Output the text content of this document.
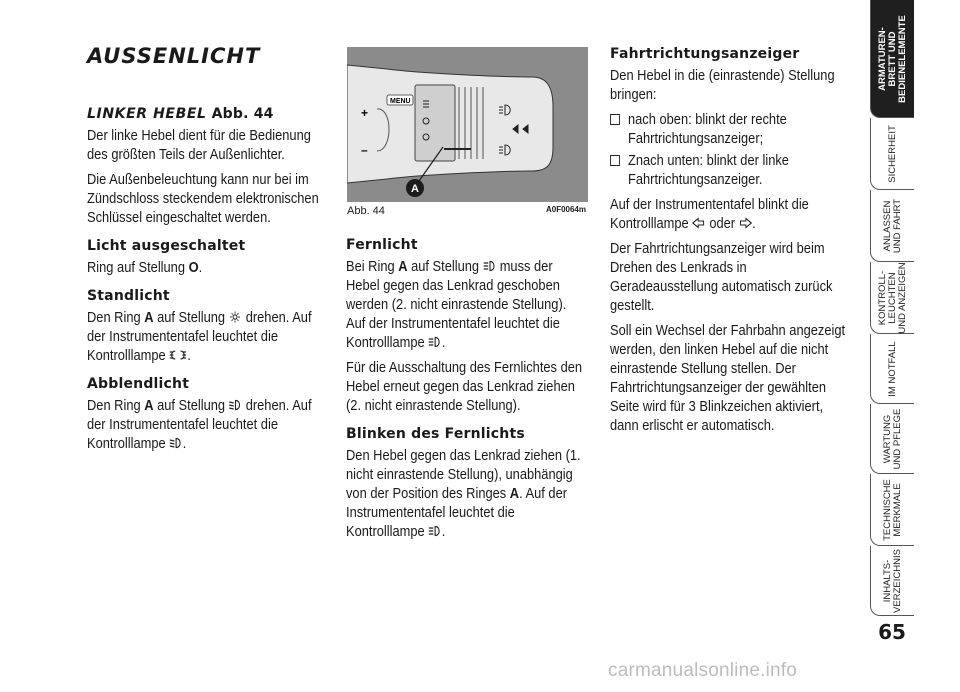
AUSSENLICHT
LINKER HEBEL Abb. 44

Der linke Hebel dient für die Bedienung des größten Teils der Außenlichter.

Die Außenbeleuchtung kann nur bei im Zündschloss steckendem elektronischen Schlüssel eingeschaltet werden.

Licht ausgeschaltet

Ring auf Stellung O.

Standlicht

Den Ring A auf Stellung
drehen. Auf der Instrumententafel leuchtet die Kontrolllampe
.

Abblendlicht

Den Ring A auf Stellung
drehen. Auf der Instrumententafel leuchtet die Kontrolllampe
.

MENU
+
–
A
Abb. 44	A0F0064m
Fernlicht

Bei Ring A auf Stellung
muss der Hebel gegen das Lenkrad geschoben werden (2. nicht einrastende Stellung). Auf der Instrumententafel leuchtet die Kontrolllampe
.

Für die Ausschaltung des Fernlichtes den Hebel erneut gegen das Lenkrad ziehen (2. nicht einrastende Stellung).

Blinken des Fernlichts

Den Hebel gegen das Lenkrad ziehen (1. nicht einrastende Stellung), unabhängig von der Position des Ringes A. Auf der Instrumententafel leuchtet die Kontrolllampe
.

Fahrtrichtungsanzeiger

Den Hebel in die (einrastende) Stellung bringen:

nach oben: blinkt der rechte Fahrtrichtungsanzeiger;
Znach unten: blinkt der linke Fahrtrichtungsanzeiger.

Auf der Instrumententafel blinkt die Kontrolllampe
oder
.

Der Fahrtrichtungsanzeiger wird beim Drehen des Lenkrads in Geradeausstellung automatisch zurück gestellt.

Soll ein Wechsel der Fahrbahn angezeigt werden, den linken Hebel auf die nicht einrastende Stellung stellen. Der Fahrtrichtungsanzeiger der gewählten Seite wird für 3 Blinkzeichen aktiviert, dann erlischt er automatisch.

ARMATUREN-
BRETT UND
BEDIENELEMENTE
SICHERHEIT
ANLASSEN
UND FAHRT
KONTROLL-
LEUCHTEN
UND ANZEIGEN
IM NOTFALL
WARTUNG
UND PFLEGE
TECHNISCHE
MERKMALE
INHALTS-
VERZEICHNIS
65
carmanualsonline.info
